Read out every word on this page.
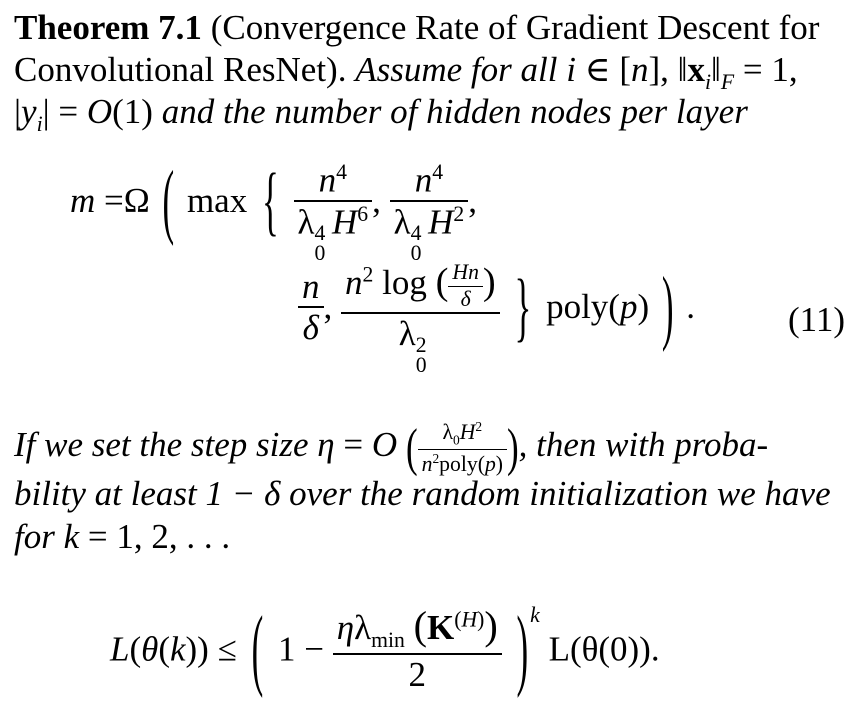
Theorem 7.1 (Convergence Rate of Gradient Descent for
Convolutional ResNet). Assume for all i ∈ [n], $‖x_i‖_F = 1$,
$|y_i| = O(1)$ and the number of hidden nodes per layer
m =Ω ( max { $n^4$
λ 4
0
$H^6$ , $n^4$
λ 4
0
$H^2$ ,
$\frac{n}{\delta}$ , $n^2$ log ( $\frac{Hn}{\delta}$ )
λ 2
0
} poly(p) ) .	(11)
If we set the step size η = O ( $\frac{\lambda_0H^2}{n^2poly(p)}$ ), then with proba-
bility at least 1 − δ over the random initialization we have
for k = 1, 2, . . .
L(θ(k)) ≤ ( $1 - \frac{\eta\lambda_{min} (K^{(H)})}{2} )^k$ L(θ(0)).
